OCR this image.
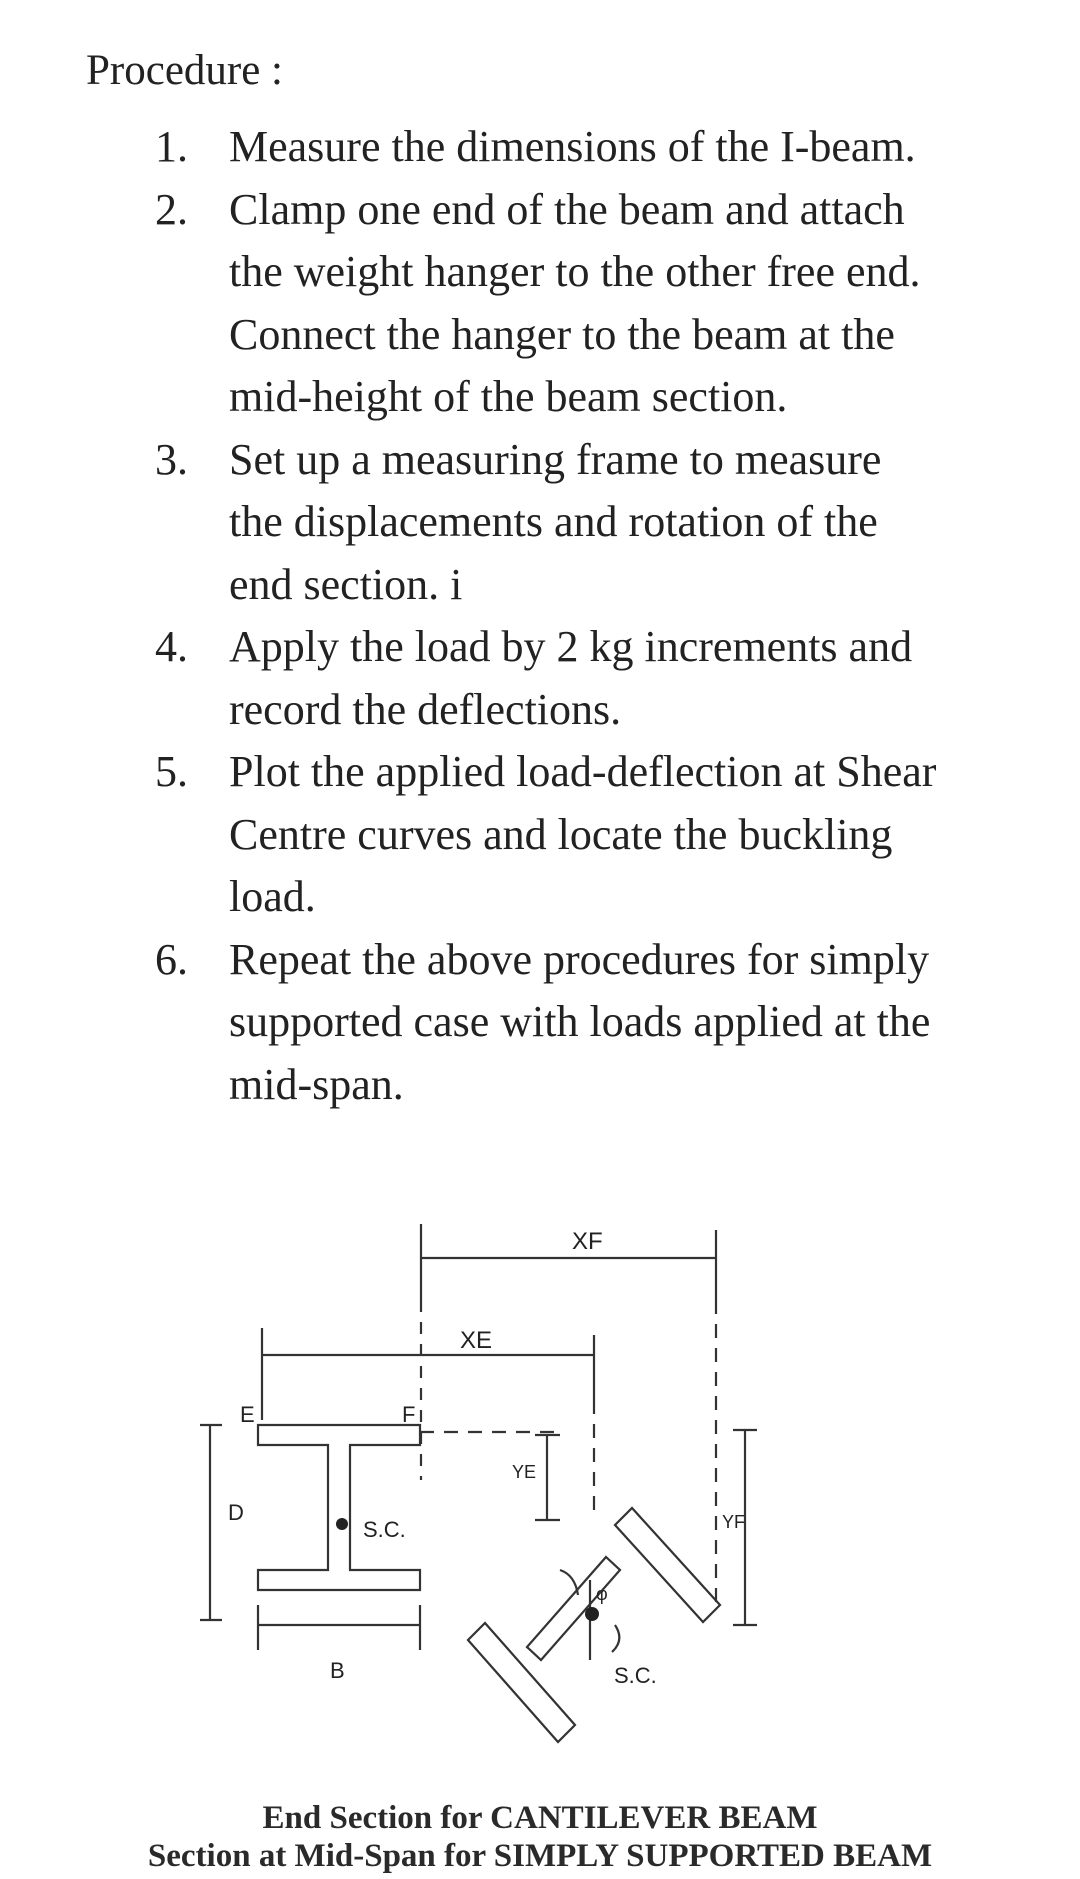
Procedure :
1. Measure the dimensions of the I-beam.
2. Clamp one end of the beam and attach
the weight hanger to the other free end.
Connect the hanger to the beam at the
mid-height of the beam section.
3. Set up a measuring frame to measure
the displacements and rotation of the
end section. i
4. Apply the load by 2 kg increments and
record the deflections.
5. Plot the applied load-deflection at Shear
Centre curves and locate the buckling
load.
6. Repeat the above procedures for simply
supported case with loads applied at the
mid-span.
XF
XE
E	F
D
S.C.
YE
YF
B	S.C.
φ
End Section for CANTILEVER BEAM
Section at Mid-Span for SIMPLY SUPPORTED BEAM
